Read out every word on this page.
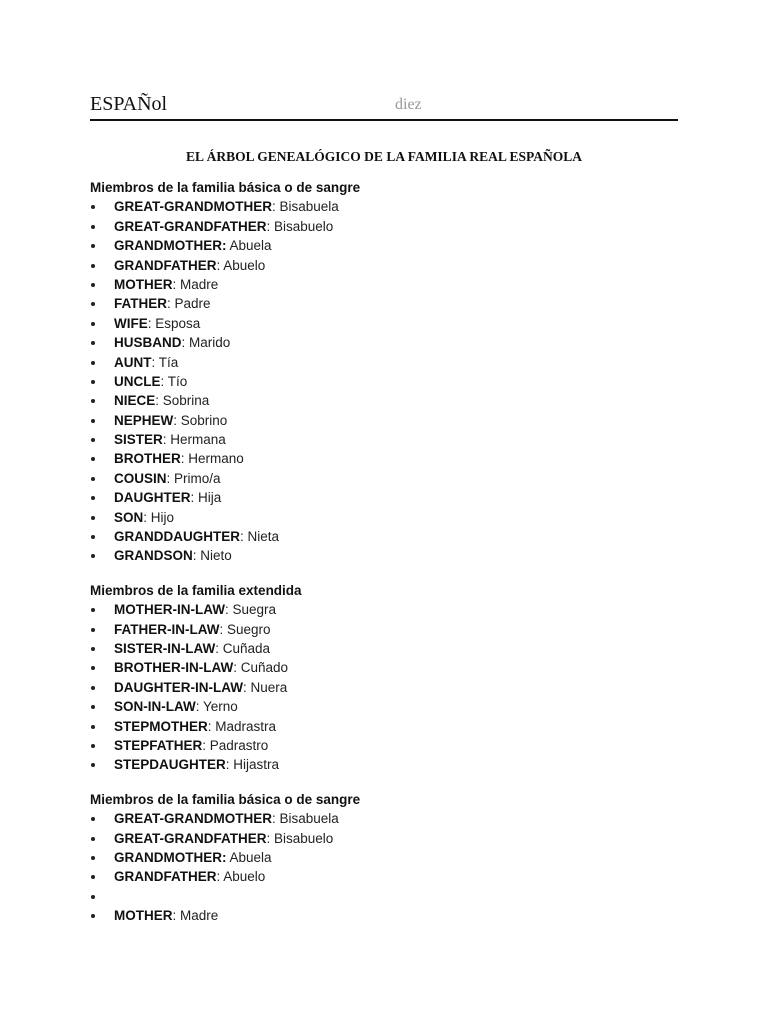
ESPAÑol	diez
EL ÁRBOL GENEALÓGICO DE LA FAMILIA REAL ESPAÑOLA
Miembros de la familia básica o de sangre
GREAT-GRANDMOTHER: Bisabuela
GREAT-GRANDFATHER: Bisabuelo
GRANDMOTHER: Abuela
GRANDFATHER: Abuelo
MOTHER: Madre
FATHER: Padre
WIFE: Esposa
HUSBAND: Marido
AUNT: Tía
UNCLE: Tío
NIECE: Sobrina
NEPHEW: Sobrino
SISTER: Hermana
BROTHER: Hermano
COUSIN: Primo/a
DAUGHTER: Hija
SON: Hijo
GRANDDAUGHTER: Nieta
GRANDSON: Nieto
Miembros de la familia extendida
MOTHER-IN-LAW: Suegra
FATHER-IN-LAW: Suegro
SISTER-IN-LAW: Cuñada
BROTHER-IN-LAW: Cuñado
DAUGHTER-IN-LAW: Nuera
SON-IN-LAW: Yerno
STEPMOTHER: Madrastra
STEPFATHER: Padrastro
STEPDAUGHTER: Hijastra
Miembros de la familia básica o de sangre
GREAT-GRANDMOTHER: Bisabuela
GREAT-GRANDFATHER: Bisabuelo
GRANDMOTHER: Abuela
GRANDFATHER: Abuelo
MOTHER: Madre
